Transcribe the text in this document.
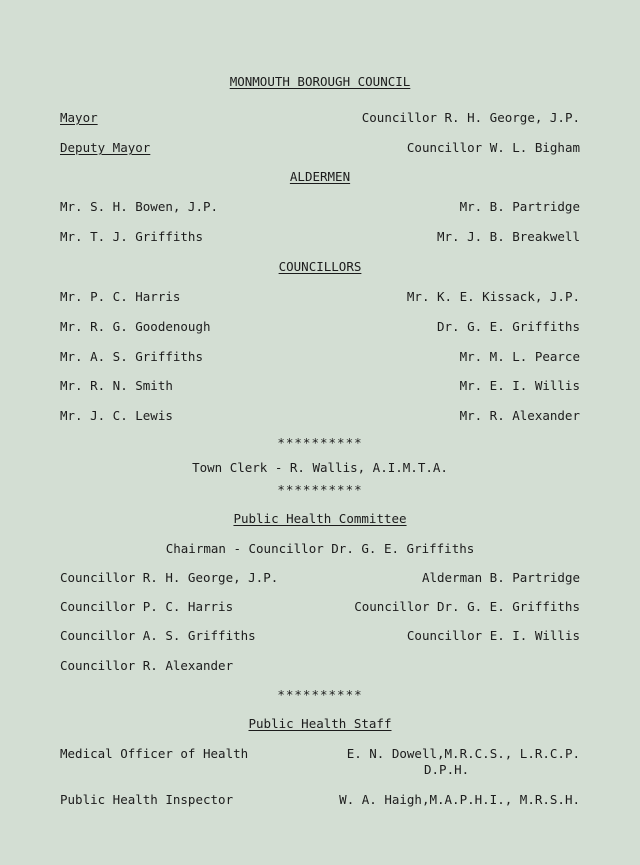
MONMOUTH BOROUGH COUNCIL
Mayor	Councillor R. H. George, J.P.
Deputy Mayor	Councillor W. L. Bigham
ALDERMEN
Mr. S. H. Bowen, J.P.	Mr. B. Partridge
Mr. T. J. Griffiths	Mr. J. B. Breakwell
COUNCILLORS
Mr. P. C. Harris	Mr. K. E. Kissack, J.P.
Mr. R. G. Goodenough	Dr. G. E. Griffiths
Mr. A. S. Griffiths	Mr. M. L. Pearce
Mr. R. N. Smith	Mr. E. I. Willis
Mr. J. C. Lewis	Mr. R. Alexander
**********
Town Clerk - R. Wallis, A.I.M.T.A.
**********
Public Health Committee
Chairman - Councillor Dr. G. E. Griffiths
Councillor R. H. George, J.P.	Alderman B. Partridge
Councillor P. C. Harris	Councillor Dr. G. E. Griffiths
Councillor A. S. Griffiths	Councillor E. I. Willis
Councillor R. Alexander
**********
Public Health Staff
Medical Officer of Health	E. N. Dowell,M.R.C.S., L.R.C.P.
D.P.H.
Public Health Inspector	W. A. Haigh,M.A.P.H.I., M.R.S.H.
